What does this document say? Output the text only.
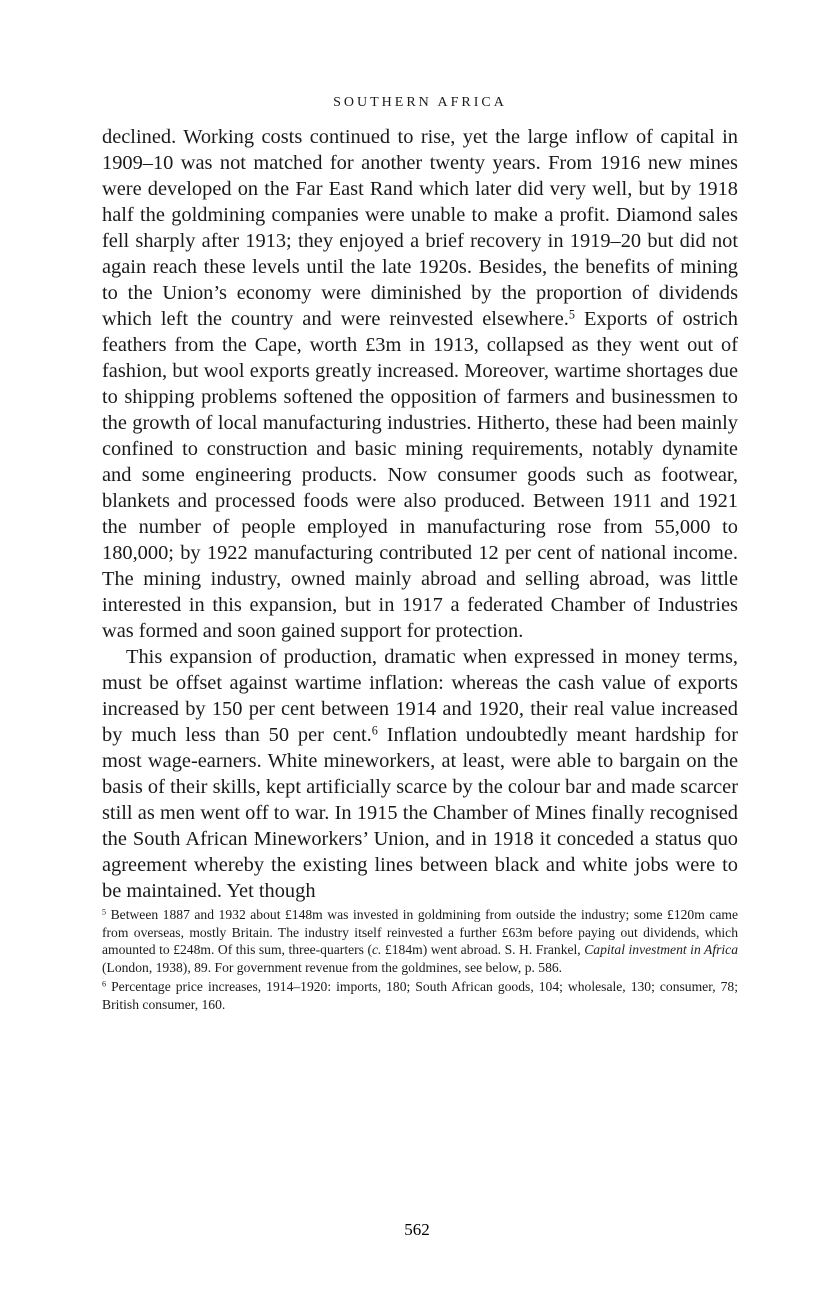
SOUTHERN AFRICA

declined. Working costs continued to rise, yet the large inflow of capital in 1909–10 was not matched for another twenty years. From 1916 new mines were developed on the Far East Rand which later did very well, but by 1918 half the goldmining companies were unable to make a profit. Diamond sales fell sharply after 1913; they enjoyed a brief recovery in 1919–20 but did not again reach these levels until the late 1920s. Besides, the benefits of mining to the Union’s economy were diminished by the proportion of dividends which left the country and were reinvested elsewhere.$^5$ Exports of ostrich feathers from the Cape, worth £3m in 1913, collapsed as they went out of fashion, but wool exports greatly increased. Moreover, wartime shortages due to shipping problems softened the opposition of farmers and businessmen to the growth of local manufacturing industries. Hitherto, these had been mainly confined to construction and basic mining requirements, notably dynamite and some engineering products. Now consumer goods such as footwear, blankets and processed foods were also produced. Between 1911 and 1921 the number of people employed in manufacturing rose from 55,000 to 180,000; by 1922 manufacturing contributed 12 per cent of national income. The mining industry, owned mainly abroad and selling abroad, was little interested in this expansion, but in 1917 a federated Chamber of Industries was formed and soon gained support for protection.

This expansion of production, dramatic when expressed in money terms, must be offset against wartime inflation: whereas the cash value of exports increased by 150 per cent between 1914 and 1920, their real value increased by much less than 50 per cent.$^6$ Inflation undoubtedly meant hardship for most wage-earners. White mineworkers, at least, were able to bargain on the basis of their skills, kept artificially scarce by the colour bar and made scarcer still as men went off to war. In 1915 the Chamber of Mines finally recognised the South African Mineworkers’ Union, and in 1918 it conceded a status quo agreement whereby the existing lines between black and white jobs were to be maintained. Yet though

$^5$ Between 1887 and 1932 about £148m was invested in goldmining from outside the industry; some £120m came from overseas, mostly Britain. The industry itself reinvested a further £63m before paying out dividends, which amounted to £248m. Of this sum, three-quarters (c. £184m) went abroad. S. H. Frankel, Capital investment in Africa (London, 1938), 89. For government revenue from the goldmines, see below, p. 586.

$^6$ Percentage price increases, 1914–1920: imports, 180; South African goods, 104; wholesale, 130; consumer, 78; British consumer, 160.

562
